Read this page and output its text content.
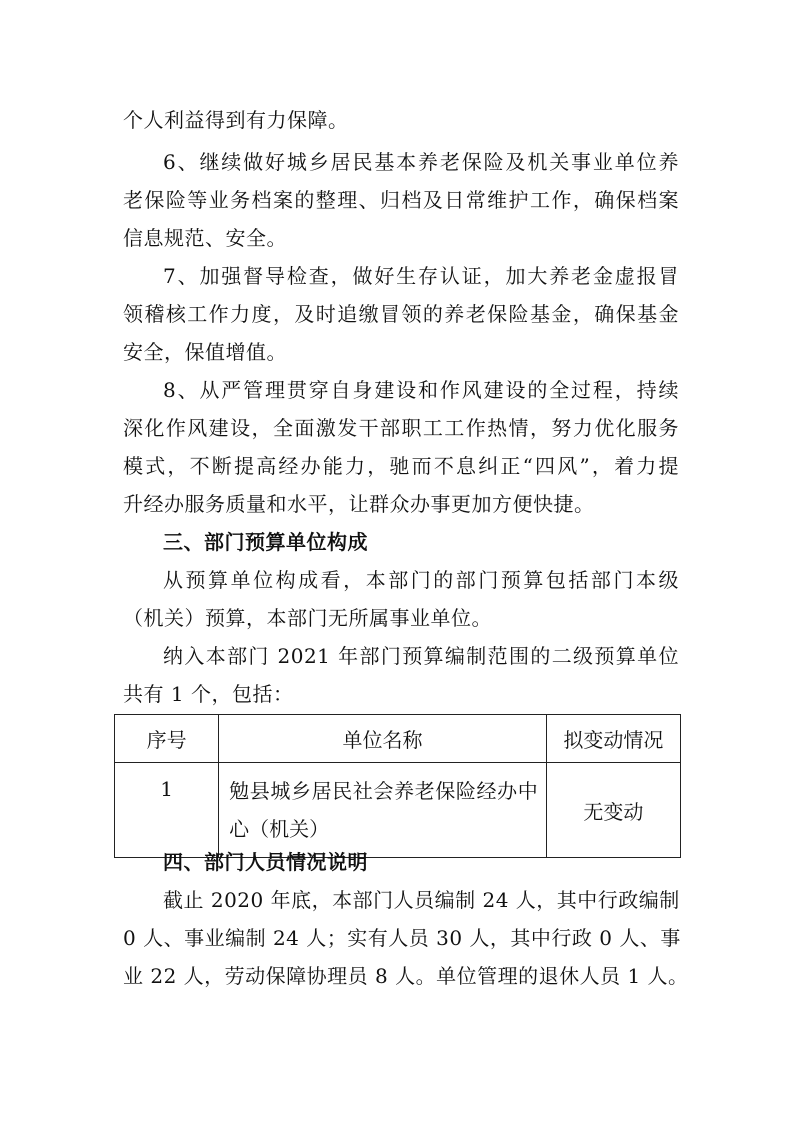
个人利益得到有力保障。
6、继续做好城乡居民基本养老保险及机关事业单位养
老保险等业务档案的整理、归档及日常维护工作，确保档案
信息规范、安全。
7、加强督导检查，做好生存认证，加大养老金虚报冒
领稽核工作力度，及时追缴冒领的养老保险基金，确保基金
安全，保值增值。
8、从严管理贯穿自身建设和作风建设的全过程，持续
深化作风建设，全面激发干部职工工作热情，努力优化服务
模式，不断提高经办能力，驰而不息纠正“四风”，着力提
升经办服务质量和水平，让群众办事更加方便快捷。
三、部门预算单位构成
从预算单位构成看，本部门的部门预算包括部门本级
（机关）预算，本部门无所属事业单位。
纳入本部门 2021 年部门预算编制范围的二级预算单位
共有 1 个，包括：
序号	单位名称	拟变动情况
1	勉县城乡居民社会养老保险经办中心（机关）	无变动
四、部门人员情况说明
截止 2020 年底，本部门人员编制 24 人，其中行政编制
0 人、事业编制 24 人；实有人员 30 人，其中行政 0 人、事
业 22 人，劳动保障协理员 8 人。单位管理的退休人员 1 人。
